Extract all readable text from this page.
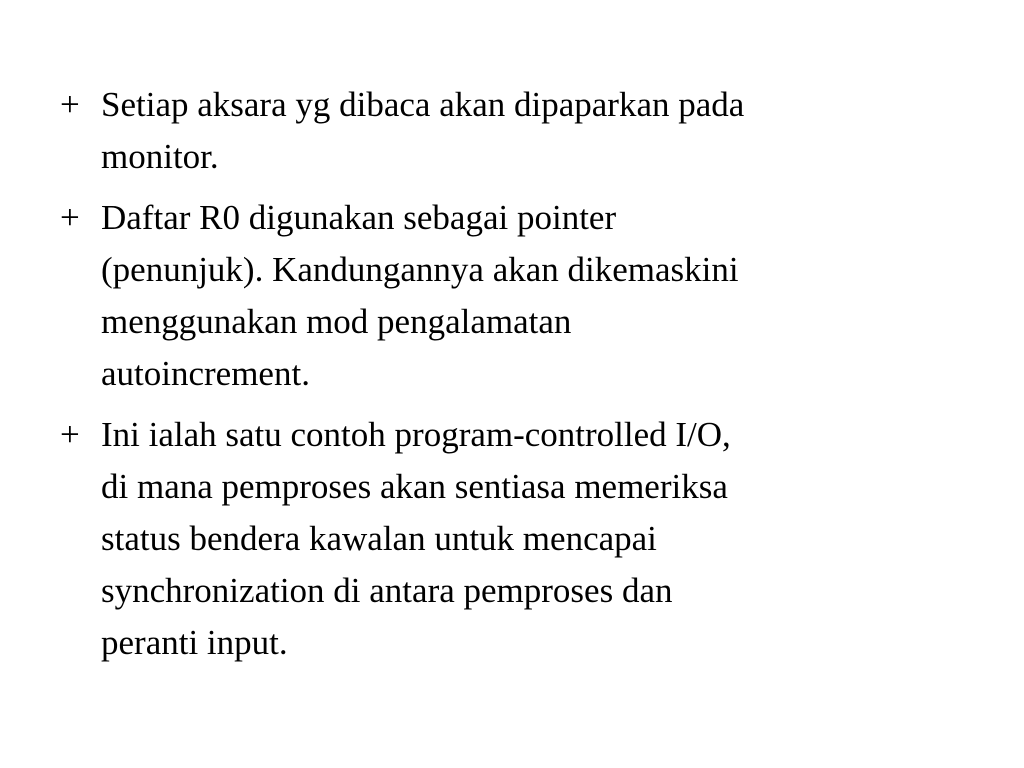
+ Setiap aksara yg dibaca akan dipaparkan pada
monitor.
+ Daftar R0 digunakan sebagai pointer
(penunjuk). Kandungannya akan dikemaskini
menggunakan mod pengalamatan
autoincrement.
+ Ini ialah satu contoh program-controlled I/O,
di mana pemproses akan sentiasa memeriksa
status bendera kawalan untuk mencapai
synchronization di antara pemproses dan
peranti input.
